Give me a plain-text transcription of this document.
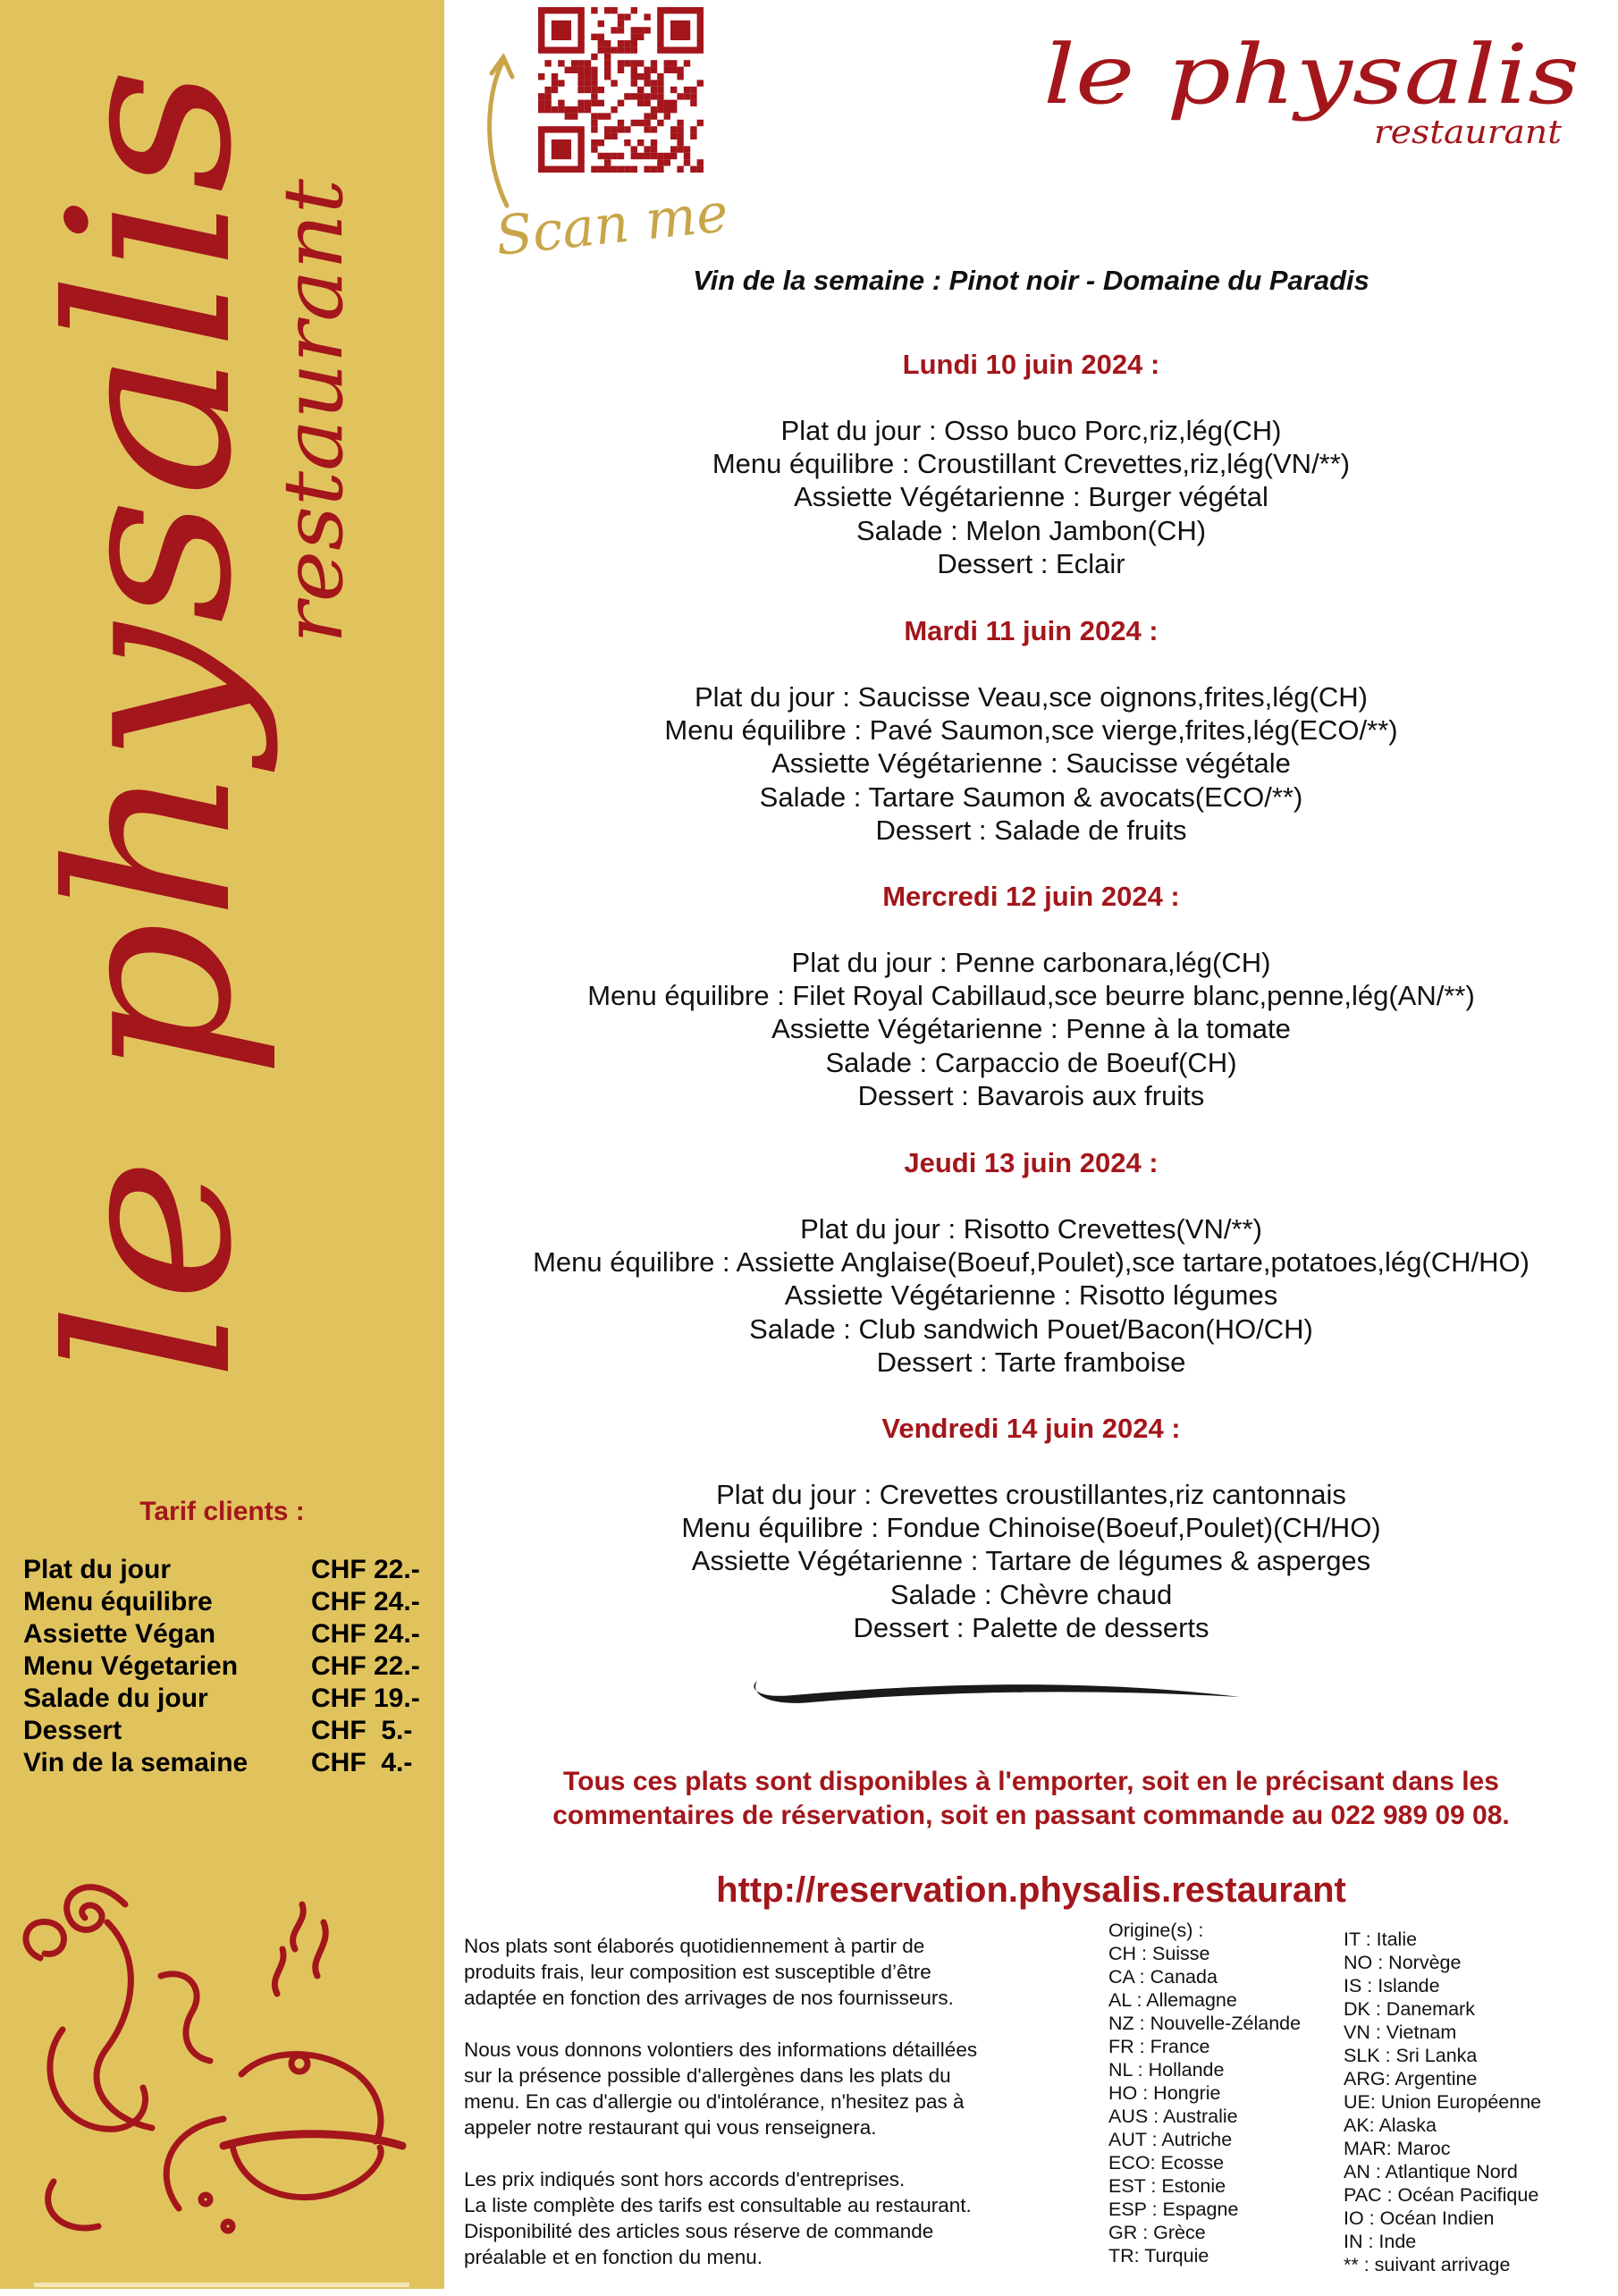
le physalis
restaurant
Tarif clients :
Plat du jour	CHF 22.-
Menu équilibre	CHF 24.-
Assiette Végan	CHF 24.-
Menu Végetarien	CHF 22.-
Salade du jour	CHF 19.-
Dessert	CHF  5.-
Vin de la semaine CHF  4.-
Scan me
le physalis
restaurant
Vin de la semaine : Pinot noir - Domaine du Paradis
Lundi 10 juin 2024 :
Plat du jour : Osso buco Porc,riz,lég(CH)
Menu équilibre : Croustillant Crevettes,riz,lég(VN/**)
Assiette Végétarienne : Burger végétal
Salade : Melon Jambon(CH)
Dessert : Eclair
Mardi 11 juin 2024 :
Plat du jour : Saucisse Veau,sce oignons,frites,lég(CH)
Menu équilibre : Pavé Saumon,sce vierge,frites,lég(ECO/**)
Assiette Végétarienne : Saucisse végétale
Salade : Tartare Saumon & avocats(ECO/**)
Dessert : Salade de fruits
Mercredi 12 juin 2024 :
Plat du jour : Penne carbonara,lég(CH)
Menu équilibre : Filet Royal Cabillaud,sce beurre blanc,penne,lég(AN/**)
Assiette Végétarienne : Penne à la tomate
Salade : Carpaccio de Boeuf(CH)
Dessert : Bavarois aux fruits
Jeudi 13 juin 2024 :
Plat du jour : Risotto Crevettes(VN/**)
Menu équilibre : Assiette Anglaise(Boeuf,Poulet),sce tartare,potatoes,lég(CH/HO)
Assiette Végétarienne : Risotto légumes
Salade : Club sandwich Pouet/Bacon(HO/CH)
Dessert : Tarte framboise
Vendredi 14 juin 2024 :
Plat du jour : Crevettes croustillantes,riz cantonnais
Menu équilibre : Fondue Chinoise(Boeuf,Poulet)(CH/HO)
Assiette Végétarienne : Tartare de légumes & asperges
Salade : Chèvre chaud
Dessert : Palette de desserts
Tous ces plats sont disponibles à l'emporter, soit en le précisant dans les
commentaires de réservation, soit en passant commande au 022 989 09 08.
http://reservation.physalis.restaurant

Nos plats sont élaborés quotidiennement à partir de
produits frais, leur composition est susceptible d’être
adaptée en fonction des arrivages de nos fournisseurs.

Nous vous donnons volontiers des informations détaillées
sur la présence possible d'allergènes dans les plats du
menu. En cas d'allergie ou d'intolérance, n'hesitez pas à
appeler notre restaurant qui vous renseignera.

Les prix indiqués sont hors accords d'entreprises.
La liste complète des tarifs est consultable au restaurant.
Disponibilité des articles sous réserve de commande
préalable et en fonction du menu.

Origine(s) :
CH : Suisse
CA : Canada
AL : Allemagne
NZ : Nouvelle-Zélande
FR : France
NL : Hollande
HO : Hongrie
AUS : Australie
AUT : Autriche
ECO: Ecosse
EST : Estonie
ESP : Espagne
GR : Grèce
TR: Turquie
IT : Italie
NO : Norvège
IS : Islande
DK : Danemark
VN : Vietnam
SLK : Sri Lanka
ARG: Argentine
UE: Union Européenne
AK: Alaska
MAR: Maroc
AN : Atlantique Nord
PAC : Océan Pacifique
IO : Océan Indien
IN : Inde
** : suivant arrivage
